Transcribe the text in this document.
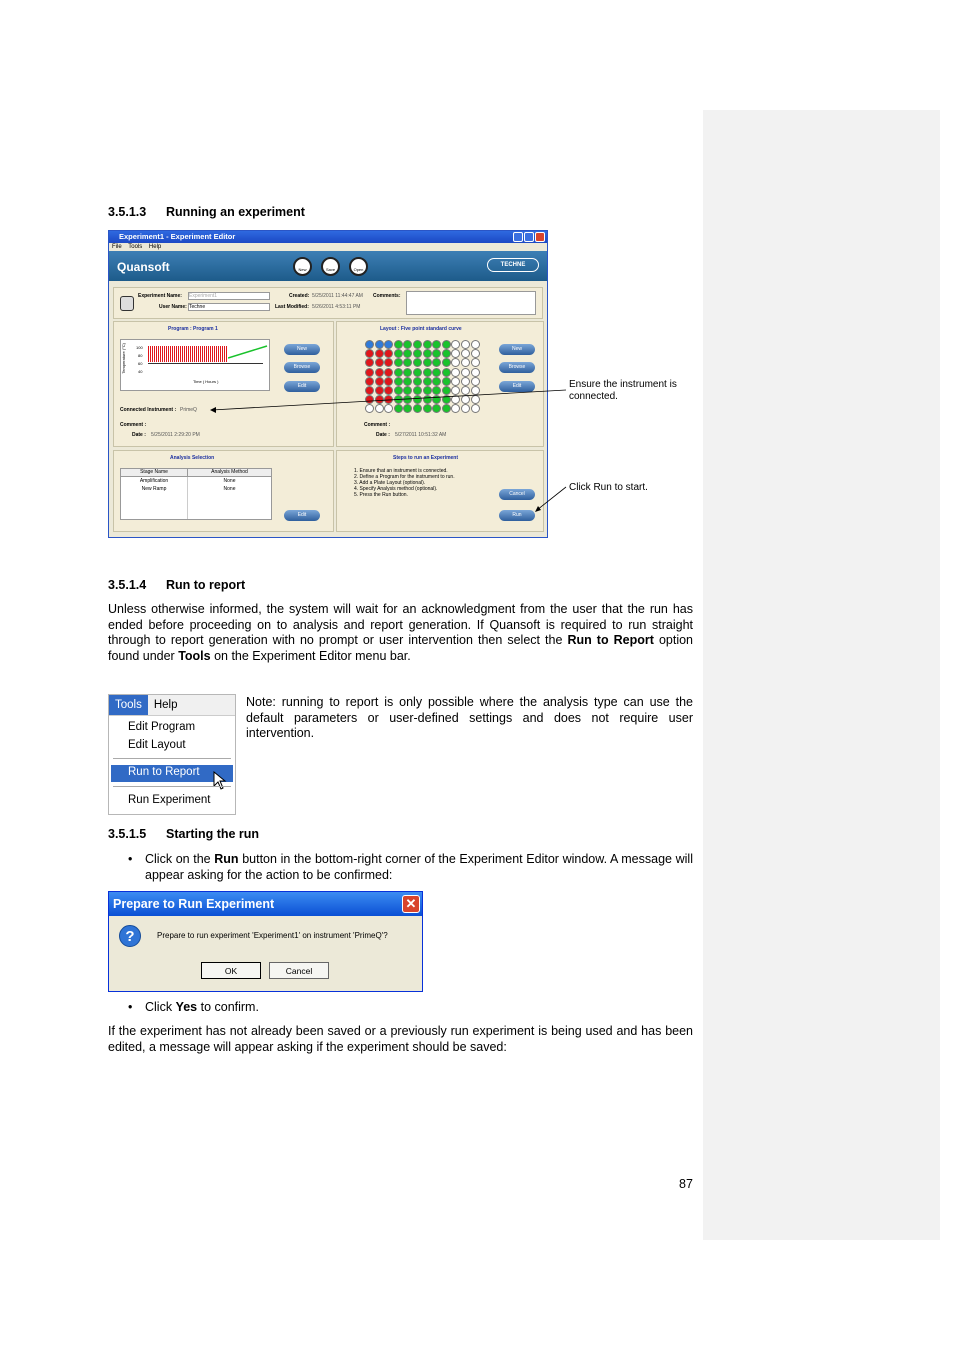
3.5.1.3 Running an experiment
Experiment1 - Experiment Editor
File Tools Help
Quansoft	New	Save	Open
TECHNE
Experiment Name: Experiment1
User Name: Techne
Created: 5/25/2011 11:44:47 AM
Last Modified: 5/26/2011 4:53:11 PM
Comments:
Program : Program 1
Temperature (°C)	100
80
60
40
Time ( Hours )
New
Browse
Edit
Connected Instrument : PrimeQ
Comment :
Date : 5/25/2011 2:29:20 PM
Layout : Five point standard curve
New
Browse
Edit
Comment :
Date : 5/27/2011 10:51:32 AM
Analysis Selection
Stage Name	Analysis Method
Amplification	None
New Ramp	None
Edit
Steps to run an Experiment
1. Ensure that an instrument is connected.
2. Define a Program for the instrument to run.
3. Add a Plate Layout (optional).
4. Specify Analysis method (optional).
5. Press the Run button.	Cancel
Run
Ensure the instrument is connected.
Click Run to start.
3.5.1.4 Run to report
Unless otherwise informed, the system will wait for an acknowledgment from the user that the run has ended before proceeding on to analysis and report generation. If Quansoft is required to run straight through to report generation with no prompt or user intervention then select the Run to Report option found under Tools on the Experiment Editor menu bar.
Tools Help
Edit Program
Edit Layout
Run to Report
Run Experiment
Note: running to report is only possible where the analysis type can use the default parameters or user-defined settings and does not require user intervention.
3.5.1.5 Starting the run
• Click on the Run button in the bottom-right corner of the Experiment Editor window. A message will appear asking for the action to be confirmed:
Prepare to Run Experiment	✕
?	Prepare to run experiment 'Experiment1' on instrument 'PrimeQ'?
OK	Cancel
• Click Yes to confirm.
If the experiment has not already been saved or a previously run experiment is being used and has been edited, a message will appear asking if the experiment should be saved:
87
